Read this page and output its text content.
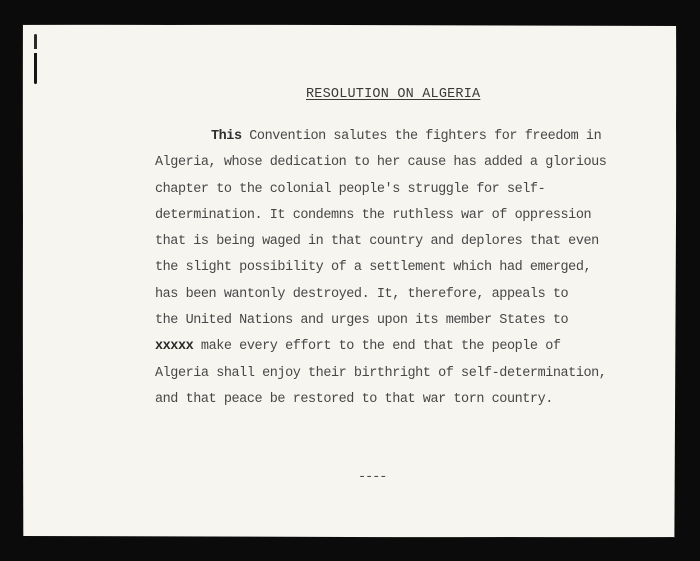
RESOLUTION ON ALGERIA
This Convention salutes the fighters for freedom in
Algeria, whose dedication to her cause has added a glorious
chapter to the colonial people's struggle for self-
determination. It condemns the ruthless war of oppression
that is being waged in that country and deplores that even
the slight possibility of a settlement which had emerged,
has been wantonly destroyed. It, therefore, appeals to
the United Nations and urges upon its member States to
xxxxx make every effort to the end that the people of
Algeria shall enjoy their birthright of self-determination,
and that peace be restored to that war torn country.
----
